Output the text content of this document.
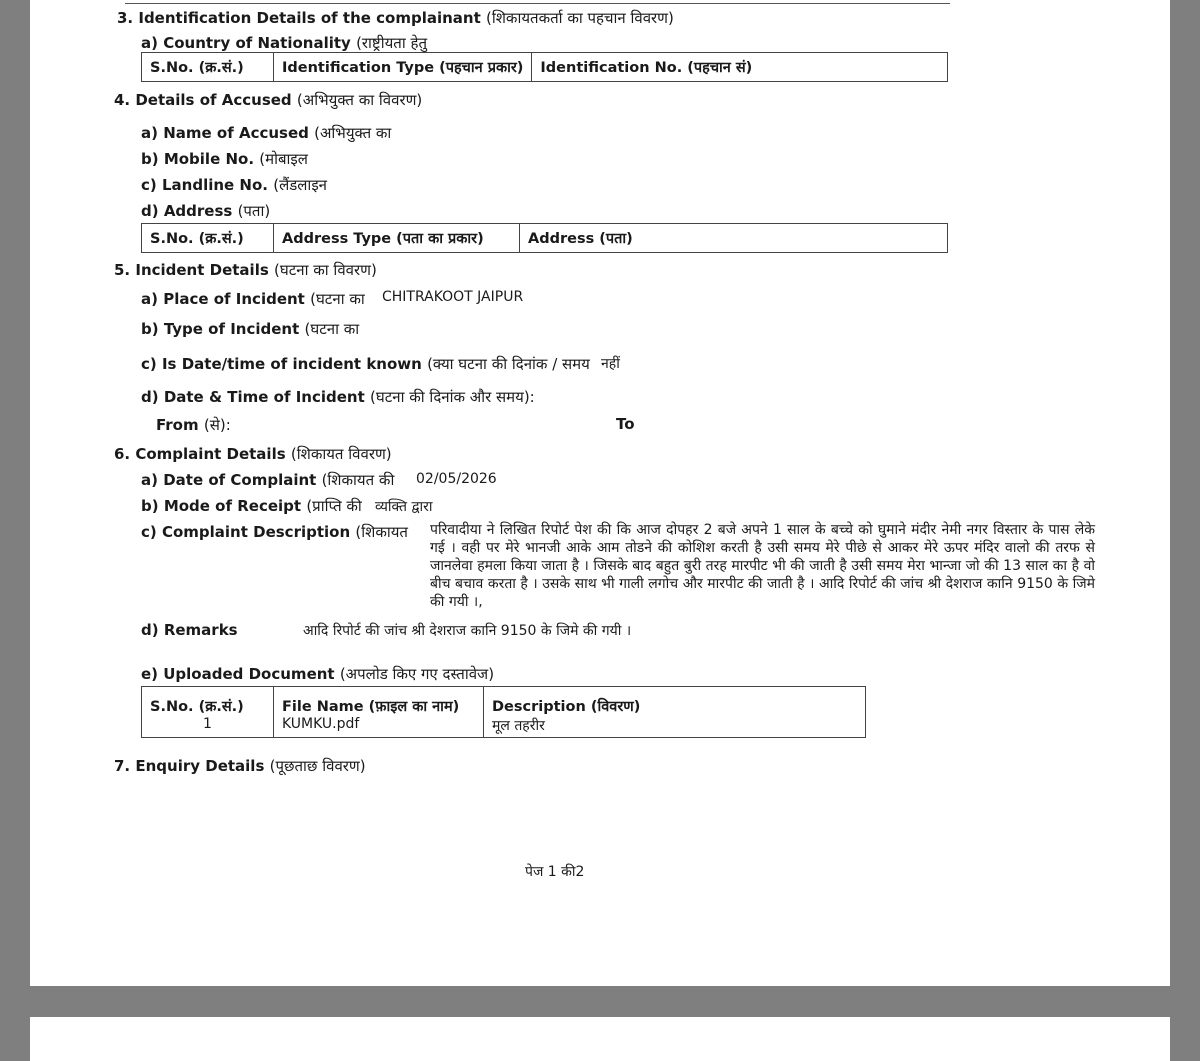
3. Identification Details of the complainant (शिकायतकर्ता का पहचान विवरण)
a) Country of Nationality (राष्ट्रीयता हेतु
S.No. (क्र.सं.)	Identification Type (पहचान प्रकार)	Identification No. (पहचान सं)
4. Details of Accused (अभियुक्त का विवरण)
a) Name of Accused (अभियुक्त का
b) Mobile No. (मोबाइल
c) Landline No. (लैंडलाइन
d) Address (पता)
S.No. (क्र.सं.)	Address Type (पता का प्रकार)	Address (पता)
5. Incident Details (घटना का विवरण)
a) Place of Incident (घटना का CHITRAKOOT JAIPUR
b) Type of Incident (घटना का
c) Is Date/time of incident known (क्या घटना की दिनांक / समय नहीं
d) Date & Time of Incident (घटना की दिनांक और समय):
From (से):	To
6. Complaint Details (शिकायत विवरण)
a) Date of Complaint (शिकायत की 02/05/2026
b) Mode of Receipt (प्राप्ति की व्यक्ति द्वारा
c) Complaint Description (शिकायत परिवादीया ने लिखित रिपोर्ट पेश की कि आज दोपहर 2 बजे अपने 1 साल के बच्चे को घुमाने मंदीर नेमी नगर विस्तार के पास लेके गई । वही पर मेरे भानजी आके आम तोडने की कोशिश करती है उसी समय मेरे पीछे से आकर मेरे ऊपर मंदिर वालो की तरफ से जानलेवा हमला किया जाता है । जिसके बाद बहुत बुरी तरह मारपीट भी की जाती है उसी समय मेरा भान्जा जो की 13 साल का है वो बीच बचाव करता है । उसके साथ भी गाली लगोच और मारपीट की जाती है । आदि रिपोर्ट की जांच श्री देशराज कानि 9150 के जिमे की गयी ।,
d) Remarks	आदि रिपोर्ट की जांच श्री देशराज कानि 9150 के जिमे की गयी ।
e) Uploaded Document (अपलोड किए गए दस्तावेज)
S.No. (क्र.सं.)	File Name (फ़ाइल का नाम)	Description (विवरण)
1	KUMKU.pdf	मूल तहरीर
7. Enquiry Details (पूछताछ विवरण)
पेज 1 की2
